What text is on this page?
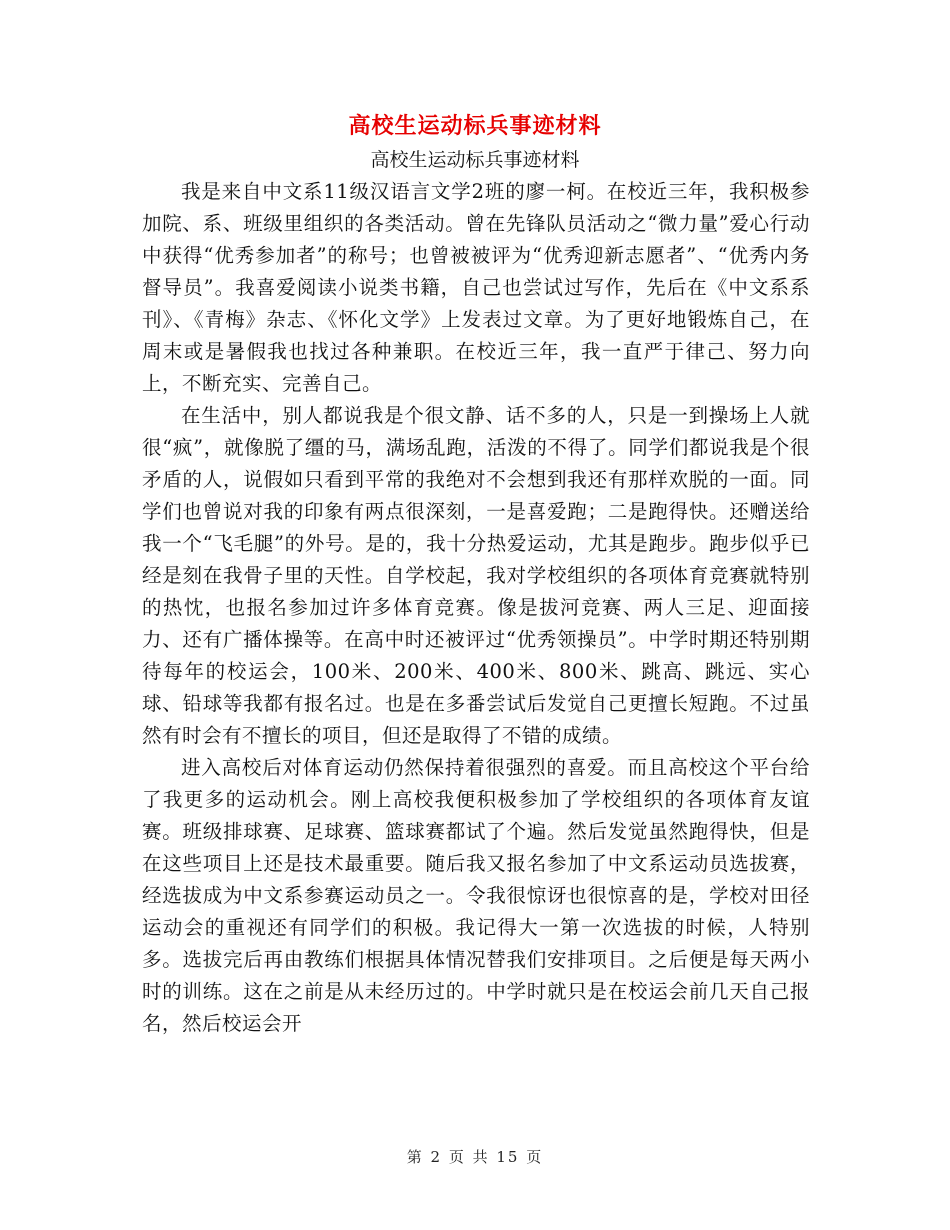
高校生运动标兵事迹材料
高校生运动标兵事迹材料

我是来自中文系11级汉语言文学2班的廖一柯。在校近三年，我积极参加院、系、班级里组织的各类活动。曾在先锋队员活动之“微力量”爱心行动中获得“优秀参加者”的称号；也曾被被评为“优秀迎新志愿者”、“优秀内务督导员”。我喜爱阅读小说类书籍，自己也尝试过写作，先后在《中文系系刊》、《青梅》杂志、《怀化文学》上发表过文章。为了更好地锻炼自己，在周末或是暑假我也找过各种兼职。在校近三年，我一直严于律己、努力向上，不断充实、完善自己。

在生活中，别人都说我是个很文静、话不多的人，只是一到操场上人就很“疯”，就像脱了缰的马，满场乱跑，活泼的不得了。同学们都说我是个很矛盾的人，说假如只看到平常的我绝对不会想到我还有那样欢脱的一面。同学们也曾说对我的印象有两点很深刻，一是喜爱跑；二是跑得快。还赠送给我一个“飞毛腿”的外号。是的，我十分热爱运动，尤其是跑步。跑步似乎已经是刻在我骨子里的天性。自学校起，我对学校组织的各项体育竞赛就特别的热忱，也报名参加过许多体育竞赛。像是拔河竞赛、两人三足、迎面接力、还有广播体操等。在高中时还被评过“优秀领操员”。中学时期还特别期待每年的校运会，100米、200米、400米、800米、跳高、跳远、实心球、铅球等我都有报名过。也是在多番尝试后发觉自己更擅长短跑。不过虽然有时会有不擅长的项目，但还是取得了不错的成绩。

进入高校后对体育运动仍然保持着很强烈的喜爱。而且高校这个平台给了我更多的运动机会。刚上高校我便积极参加了学校组织的各项体育友谊赛。班级排球赛、足球赛、篮球赛都试了个遍。然后发觉虽然跑得快，但是在这些项目上还是技术最重要。随后我又报名参加了中文系运动员选拔赛，经选拔成为中文系参赛运动员之一。令我很惊讶也很惊喜的是，学校对田径运动会的重视还有同学们的积极。我记得大一第一次选拔的时候，人特别多。选拔完后再由教练们根据具体情况替我们安排项目。之后便是每天两小时的训练。这在之前是从未经历过的。中学时就只是在校运会前几天自己报名，然后校运会开

第 2 页 共 15 页
